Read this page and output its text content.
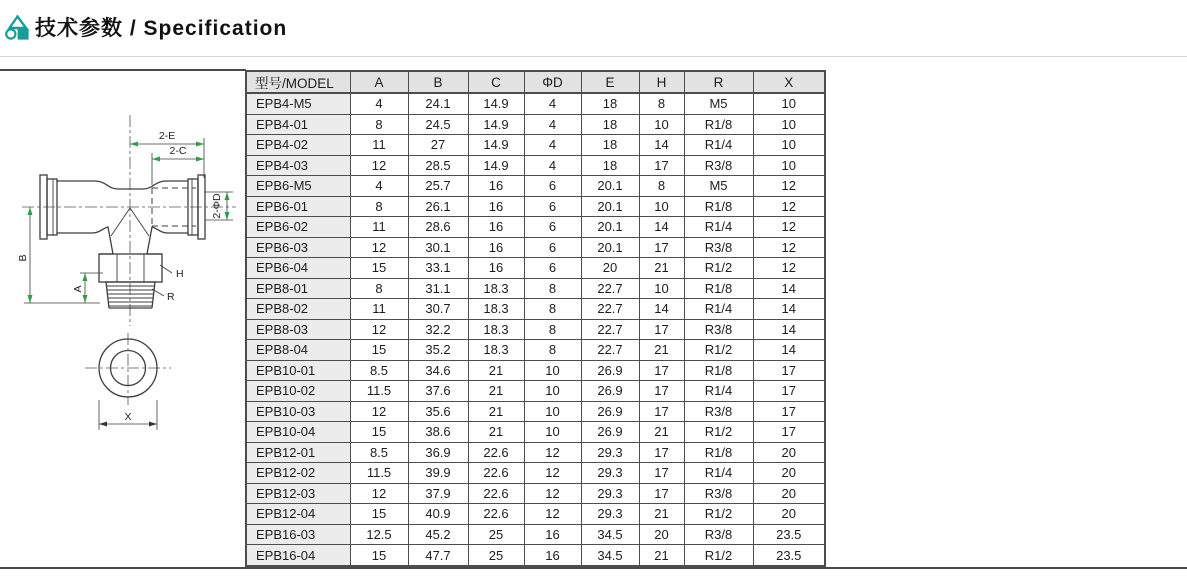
技术参数 / Specification
2-E
2-C
2-ΦD
B
A
H
R
X
型号/MODEL	A	B	C	ΦD	E	H	R	X
EPB4-M5	4	24.1	14.9	4	18	8	M5	10
EPB4-01	8	24.5	14.9	4	18	10	R1/8	10
EPB4-02	11	27	14.9	4	18	14	R1/4	10
EPB4-03	12	28.5	14.9	4	18	17	R3/8	10
EPB6-M5	4	25.7	16	6	20.1	8	M5	12
EPB6-01	8	26.1	16	6	20.1	10	R1/8	12
EPB6-02	11	28.6	16	6	20.1	14	R1/4	12
EPB6-03	12	30.1	16	6	20.1	17	R3/8	12
EPB6-04	15	33.1	16	6	20	21	R1/2	12
EPB8-01	8	31.1	18.3	8	22.7	10	R1/8	14
EPB8-02	11	30.7	18.3	8	22.7	14	R1/4	14
EPB8-03	12	32.2	18.3	8	22.7	17	R3/8	14
EPB8-04	15	35.2	18.3	8	22.7	21	R1/2	14
EPB10-01	8.5	34.6	21	10	26.9	17	R1/8	17
EPB10-02	11.5	37.6	21	10	26.9	17	R1/4	17
EPB10-03	12	35.6	21	10	26.9	17	R3/8	17
EPB10-04	15	38.6	21	10	26.9	21	R1/2	17
EPB12-01	8.5	36.9	22.6	12	29.3	17	R1/8	20
EPB12-02	11.5	39.9	22.6	12	29.3	17	R1/4	20
EPB12-03	12	37.9	22.6	12	29.3	17	R3/8	20
EPB12-04	15	40.9	22.6	12	29.3	21	R1/2	20
EPB16-03	12.5	45.2	25	16	34.5	20	R3/8	23.5
EPB16-04	15	47.7	25	16	34.5	21	R1/2	23.5
